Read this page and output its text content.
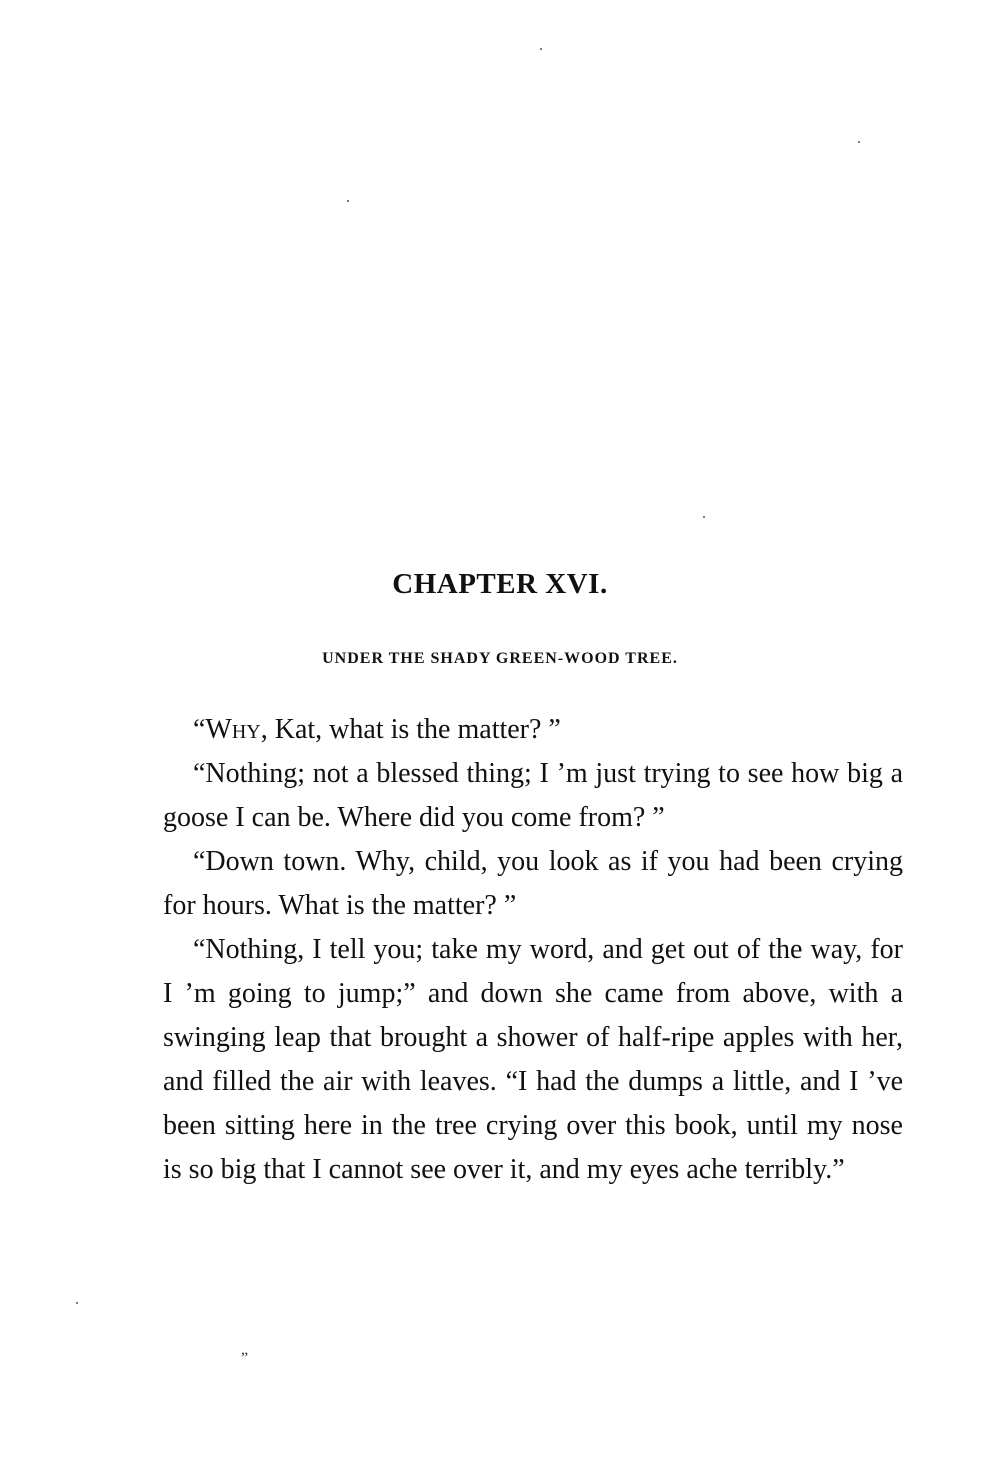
CHAPTER XVI.
UNDER THE SHADY GREEN-WOOD TREE.

“Why, Kat, what is the matter? ”

“Nothing; not a blessed thing; I ’m just trying to see how big a goose I can be. Where did you come from? ”

“Down town. Why, child, you look as if you had been crying for hours. What is the matter? ”

“Nothing, I tell you; take my word, and get out of the way, for I ’m going to jump;” and down she came from above, with a swinging leap that brought a shower of half-ripe apples with her, and filled the air with leaves. “I had the dumps a little, and I ’ve been sitting here in the tree crying over this book, until my nose is so big that I cannot see over it, and my eyes ache terribly.”

”
